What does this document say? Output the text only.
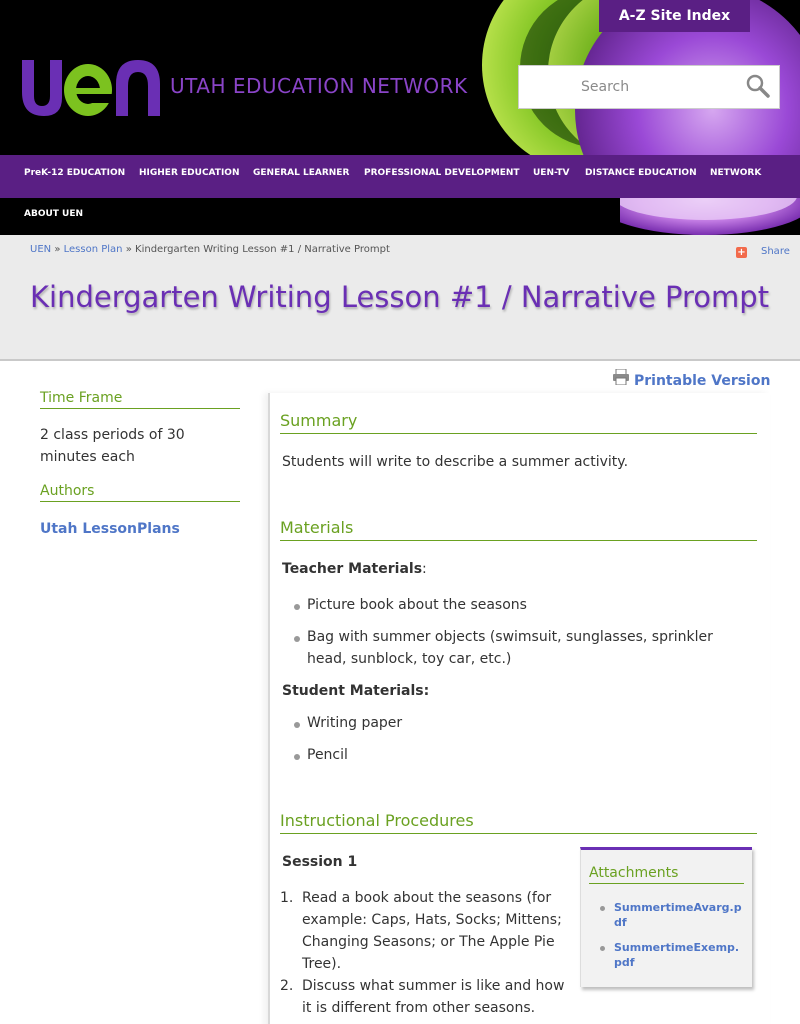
UTAH EDUCATION NETWORK
A-Z Site Index
Search
PreK-12 EDUCATION HIGHER EDUCATION GENERAL LEARNER PROFESSIONAL DEVELOPMENT UEN-TV DISTANCE EDUCATION NETWORK
ABOUT UEN
UEN » Lesson Plan » Kindergarten Writing Lesson #1 / Narrative Prompt	+ Share
Kindergarten Writing Lesson #1 / Narrative Prompt
Time Frame
2 class periods of 30 minutes each
Authors
Utah LessonPlans
Printable Version
Summary
Students will write to describe a summer activity.
Materials
Teacher Materials:
Picture book about the seasons
Bag with summer objects (swimsuit, sunglasses, sprinkler head, sunblock, toy car, etc.)
Student Materials:
Writing paper
Pencil
Instructional Procedures
Session 1
1. Read a book about the seasons (for example: Caps, Hats, Socks; Mittens; Changing Seasons; or The Apple Pie Tree).
2. Discuss what summer is like and how it is different from other seasons.
Attachments
SummertimeAvarg.pdf
SummertimeExemp.pdf
